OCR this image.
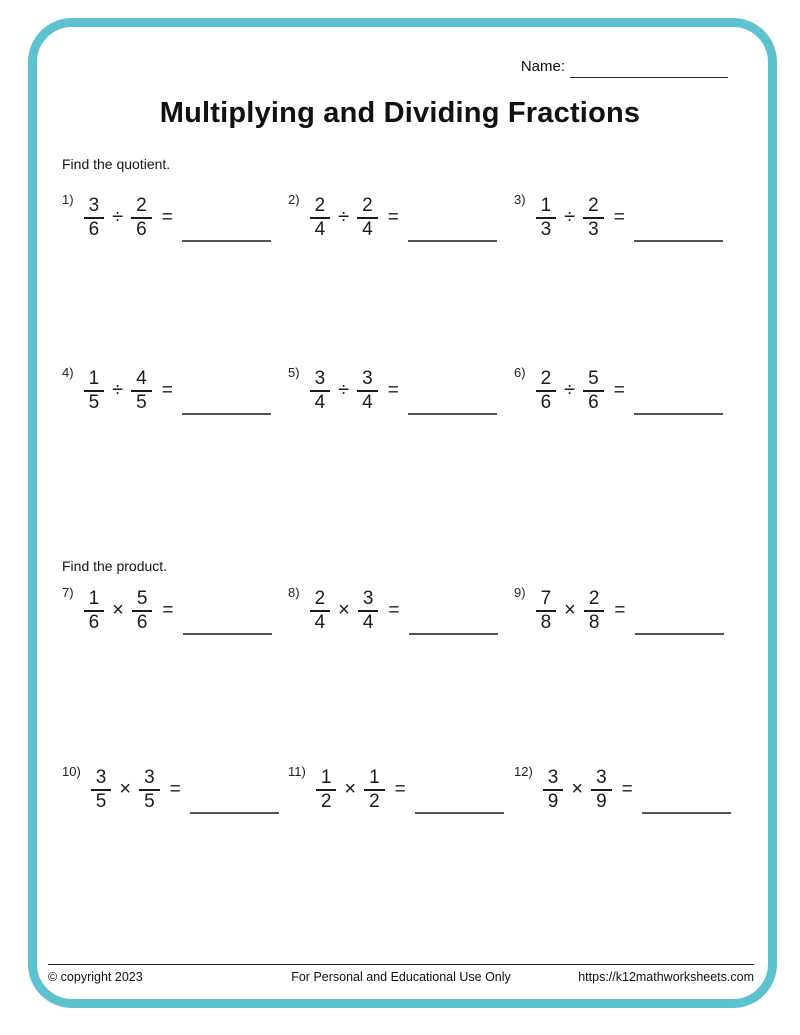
Name:
Multiplying and Dividing Fractions
Find the quotient.
$1) \frac{3}{6} \div \frac{2}{6}$ =
$2) \frac{2}{4} \div \frac{2}{4}$ =
$3) \frac{1}{3} \div \frac{2}{3}$ =
$4) \frac{1}{5} \div \frac{4}{5}$ =
$5) \frac{3}{4} \div \frac{3}{4}$ =
$6) \frac{2}{6} \div \frac{5}{6}$ =
Find the product.
$7) \frac{1}{6} \times \frac{5}{6}$ =
$8) \frac{2}{4} \times \frac{3}{4}$ =
$9) \frac{7}{8} \times \frac{2}{8}$ =
$10) \frac{3}{5} \times \frac{3}{5}$ =
$11) \frac{1}{2} \times \frac{1}{2}$ =
$12) \frac{3}{9} \times \frac{3}{9}$ =
© copyright 2023	For Personal and Educational Use Only	https://k12mathworksheets.com
